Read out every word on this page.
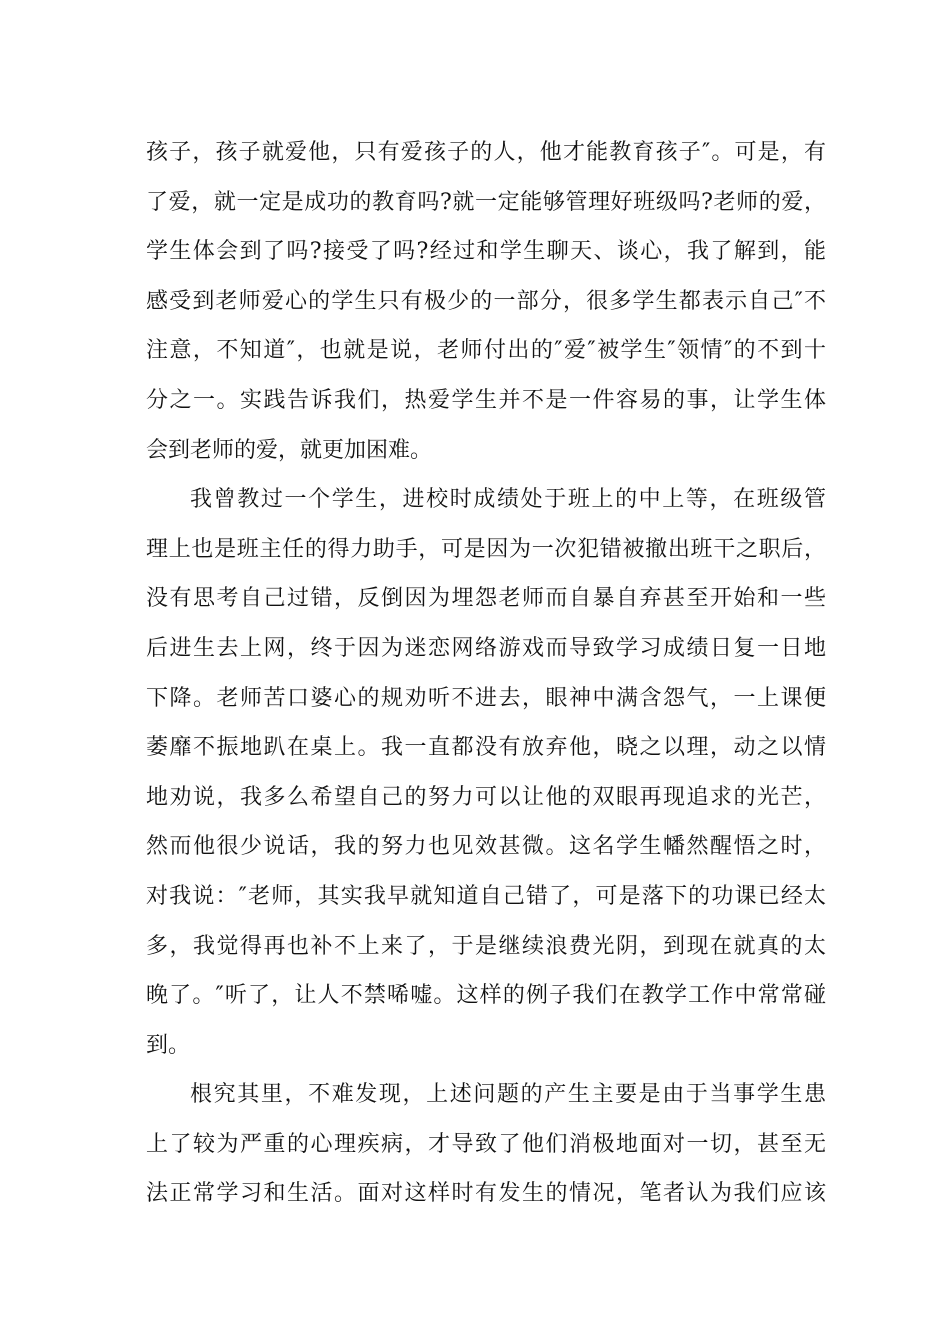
孩子，孩子就爱他，只有爱孩子的人，他才能教育孩子″。可是，有
了爱，就一定是成功的教育吗?就一定能够管理好班级吗?老师的爱，
学生体会到了吗?接受了吗?经过和学生聊天、谈心，我了解到，能
感受到老师爱心的学生只有极少的一部分，很多学生都表示自己″不
注意，不知道″，也就是说，老师付出的″爱″被学生″领情″的不到十
分之一。实践告诉我们，热爱学生并不是一件容易的事，让学生体
会到老师的爱，就更加困难。
我曾教过一个学生，进校时成绩处于班上的中上等，在班级管
理上也是班主任的得力助手，可是因为一次犯错被撤出班干之职后，
没有思考自己过错，反倒因为埋怨老师而自暴自弃甚至开始和一些
后进生去上网，终于因为迷恋网络游戏而导致学习成绩日复一日地
下降。老师苦口婆心的规劝听不进去，眼神中满含怨气，一上课便
萎靡不振地趴在桌上。我一直都没有放弃他，晓之以理，动之以情
地劝说，我多么希望自己的努力可以让他的双眼再现追求的光芒，
然而他很少说话，我的努力也见效甚微。这名学生幡然醒悟之时，
对我说：″老师，其实我早就知道自己错了，可是落下的功课已经太
多，我觉得再也补不上来了，于是继续浪费光阴，到现在就真的太
晚了。″听了，让人不禁唏嘘。这样的例子我们在教学工作中常常碰
到。
根究其里，不难发现，上述问题的产生主要是由于当事学生患
上了较为严重的心理疾病，才导致了他们消极地面对一切，甚至无
法正常学习和生活。面对这样时有发生的情况，笔者认为我们应该
